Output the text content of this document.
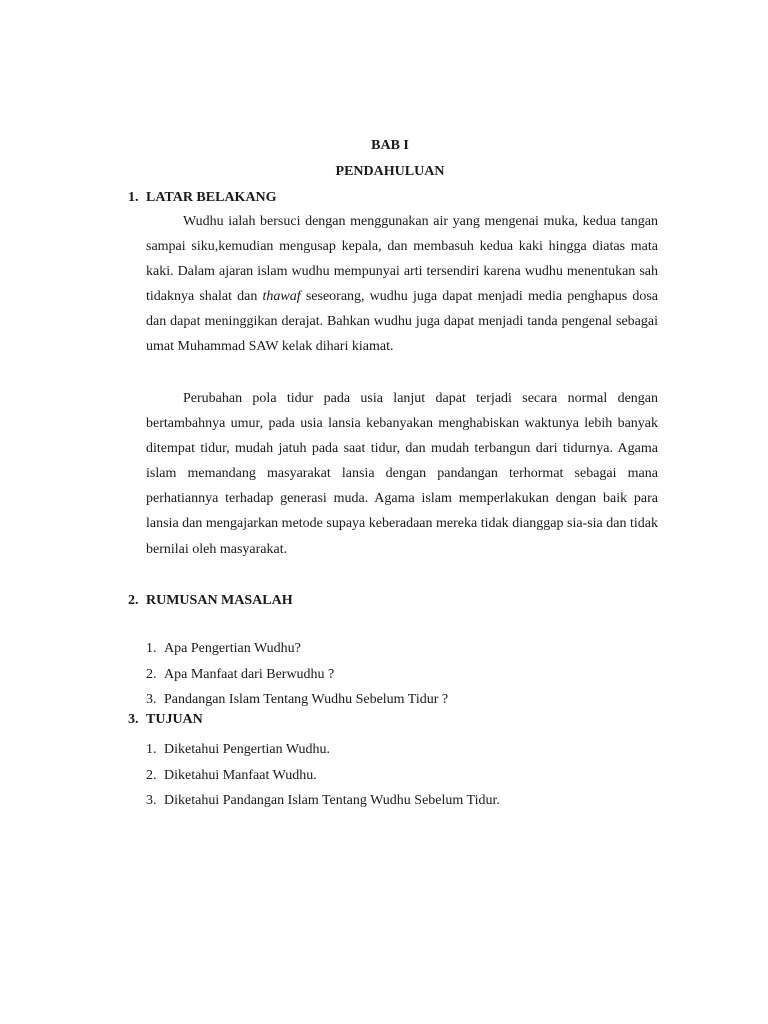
BAB I
PENDAHULUAN
1. LATAR BELAKANG

Wudhu ialah bersuci dengan menggunakan air yang mengenai muka, kedua tangan sampai siku,kemudian mengusap kepala, dan membasuh kedua kaki hingga diatas mata kaki. Dalam ajaran islam wudhu mempunyai arti tersendiri karena wudhu menentukan sah tidaknya shalat dan thawaf seseorang, wudhu juga dapat menjadi media penghapus dosa dan dapat meninggikan derajat. Bahkan wudhu juga dapat menjadi tanda pengenal sebagai umat Muhammad SAW kelak dihari kiamat.

Perubahan pola tidur pada usia lanjut dapat terjadi secara normal dengan bertambahnya umur, pada usia lansia kebanyakan menghabiskan waktunya lebih banyak ditempat tidur, mudah jatuh pada saat tidur, dan mudah terbangun dari tidurnya. Agama islam memandang masyarakat lansia dengan pandangan terhormat sebagai mana perhatiannya terhadap generasi muda. Agama islam memperlakukan dengan baik para lansia dan mengajarkan metode supaya keberadaan mereka tidak dianggap sia-sia dan tidak bernilai oleh masyarakat.

2. RUMUSAN MASALAH
1. Apa Pengertian Wudhu?
2. Apa Manfaat dari Berwudhu ?
3. Pandangan Islam Tentang Wudhu Sebelum Tidur ?
3. TUJUAN
1. Diketahui Pengertian Wudhu.
2. Diketahui Manfaat Wudhu.
3. Diketahui Pandangan Islam Tentang Wudhu Sebelum Tidur.
